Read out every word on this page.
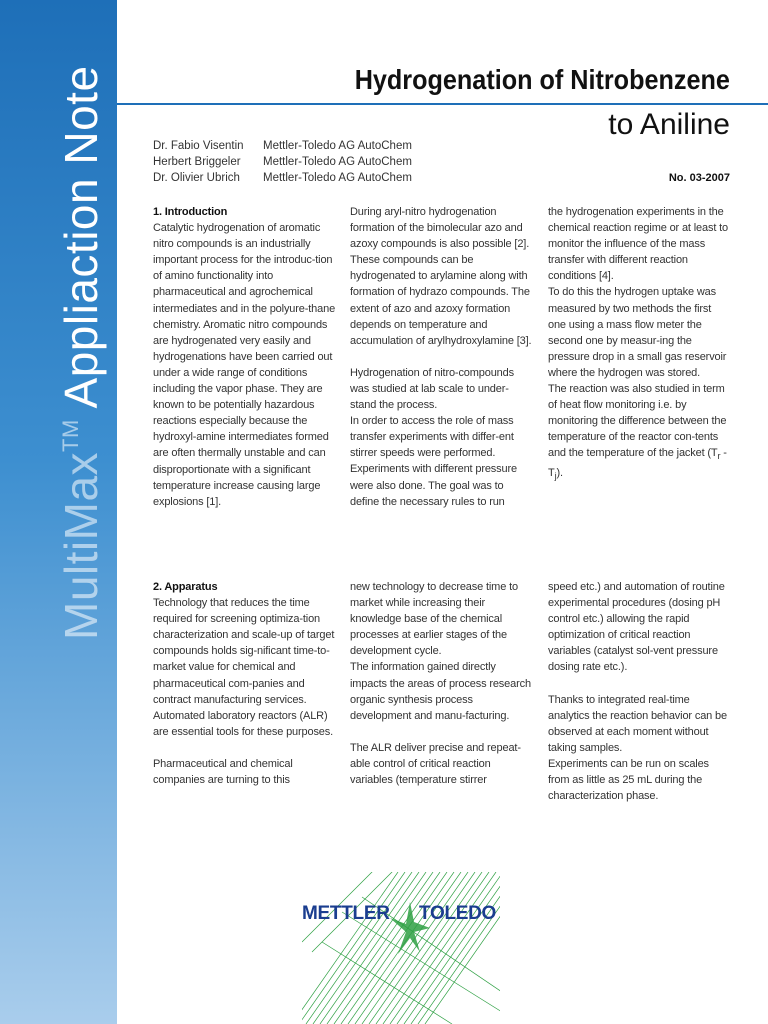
MultiMax™ Appliaction Note	Hydrogenation of Nitrobenzene
to Aniline
Dr. Fabio Visentin	Mettler-Toledo AG AutoChem
Herbert Briggeler	Mettler-Toledo AG AutoChem
Dr. Olivier Ubrich	Mettler-Toledo AG AutoChem	No. 03-2007
1. Introduction

Catalytic hydrogenation of aromatic nitro compounds is an industrially important process for the introduc-tion of amino functionality into pharmaceutical and agrochemical intermediates and in the polyure-thane chemistry. Aromatic nitro compounds are hydrogenated very easily and hydrogenations have been carried out under a wide range of conditions including the vapor phase. They are known to be potentially hazardous reactions especially because the hydroxyl-amine intermediates formed are often thermally unstable and can disproportionate with a significant temperature increase causing large explosions [1].

During aryl-nitro hydrogenation formation of the bimolecular azo and azoxy compounds is also possible [2]. These compounds can be hydrogenated to arylamine along with formation of hydrazo compounds. The extent of azo and azoxy formation depends on temperature and accumulation of arylhydroxylamine [3].

Hydrogenation of nitro-compounds was studied at lab scale to under-stand the process.

In order to access the role of mass transfer experiments with differ-ent stirrer speeds were performed. Experiments with different pressure were also done. The goal was to define the necessary rules to run

the hydrogenation experiments in the chemical reaction regime or at least to monitor the influence of the mass transfer with different reaction conditions [4].

To do this the hydrogen uptake was measured by two methods the first one using a mass flow meter the second one by measur-ing the pressure drop in a small gas reservoir where the hydrogen was stored.

The reaction was also studied in term of heat flow monitoring i.e. by monitoring the difference between the temperature of the reactor con-tents and the temperature of the jacket ($T_r$ $-T_j$).

2. Apparatus

Technology that reduces the time required for screening optimiza-tion characterization and scale-up of target compounds holds sig-nificant time-to-market value for chemical and pharmaceutical com-panies and contract manufacturing services. Automated laboratory reactors (ALR) are essential tools for these purposes.

Pharmaceutical and chemical companies are turning to this

new technology to decrease time to market while increasing their knowledge base of the chemical processes at earlier stages of the development cycle.

The information gained directly impacts the areas of process research organic synthesis process development and manu-facturing.

The ALR deliver precise and repeat-able control of critical reaction variables (temperature stirrer

speed etc.) and automation of routine experimental procedures (dosing pH control etc.) allowing the rapid optimization of critical reaction variables (catalyst sol-vent pressure dosing rate etc.).

Thanks to integrated real-time analytics the reaction behavior can be observed at each moment without taking samples.

Experiments can be run on scales from as little as 25 mL during the characterization phase.

METTLER TOLEDO
